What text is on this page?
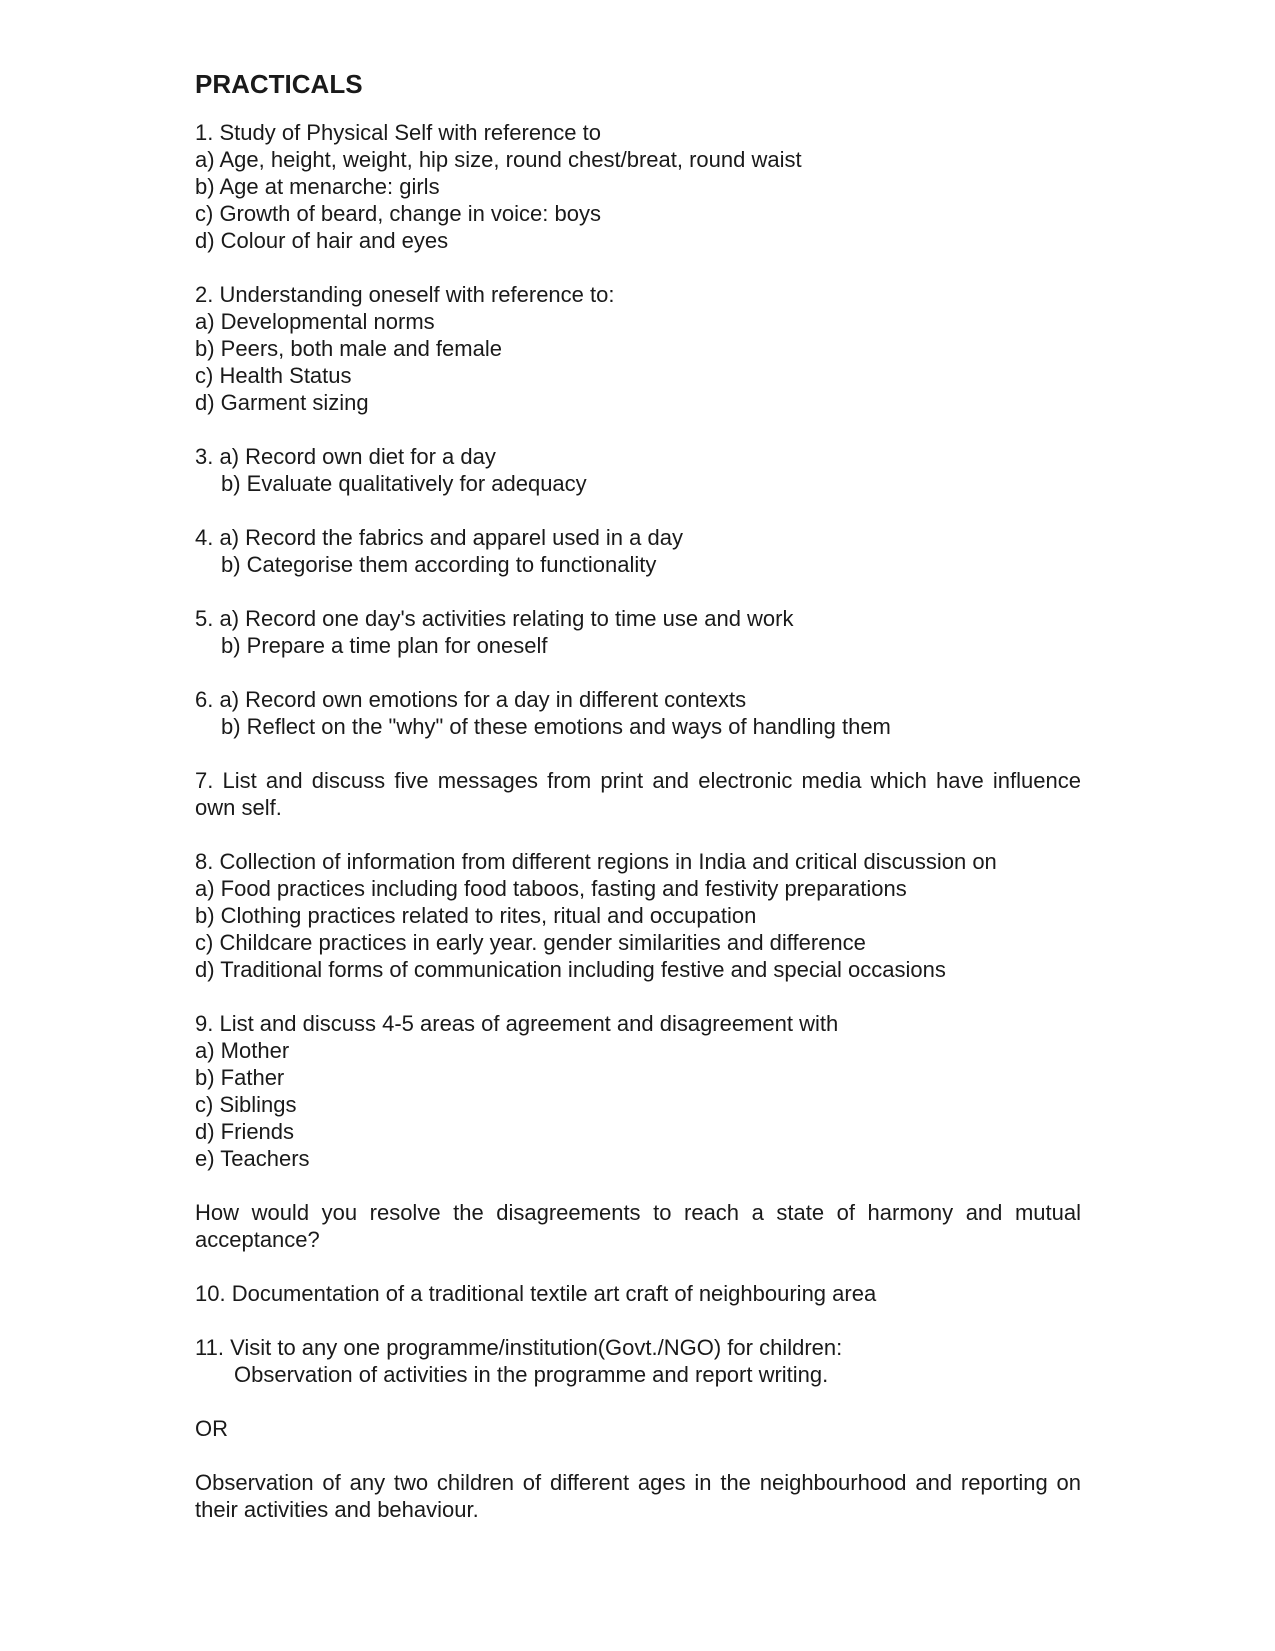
PRACTICALS
1. Study of Physical Self with reference to
a) Age, height, weight, hip size, round chest/breat, round waist
b) Age at menarche: girls
c) Growth of beard, change in voice: boys
d) Colour of hair and eyes
2. Understanding oneself with reference to:
a) Developmental norms
b) Peers, both male and female
c) Health Status
d) Garment sizing
3. a) Record own diet for a day
b) Evaluate qualitatively for adequacy
4. a) Record the fabrics and apparel used in a day
b) Categorise them according to functionality
5. a) Record one day's activities relating to time use and work
b) Prepare a time plan for oneself
6. a) Record own emotions for a day in different contexts
b) Reflect on the "why" of these emotions and ways of handling them
7. List and discuss five messages from print and electronic media which have influence own self.
8. Collection of information from different regions in India and critical discussion on
a) Food practices including food taboos, fasting and festivity preparations
b) Clothing practices related to rites, ritual and occupation
c) Childcare practices in early year. gender similarities and difference
d) Traditional forms of communication including festive and special occasions
9. List and discuss 4-5 areas of agreement and disagreement with
a) Mother
b) Father
c) Siblings
d) Friends
e) Teachers
How would you resolve the disagreements to reach a state of harmony and mutual acceptance?
10. Documentation of a traditional textile art craft of neighbouring area
11. Visit to any one programme/institution(Govt./NGO) for children:
Observation of activities in the programme and report writing.
OR
Observation of any two children of different ages in the neighbourhood and reporting on their activities and behaviour.
